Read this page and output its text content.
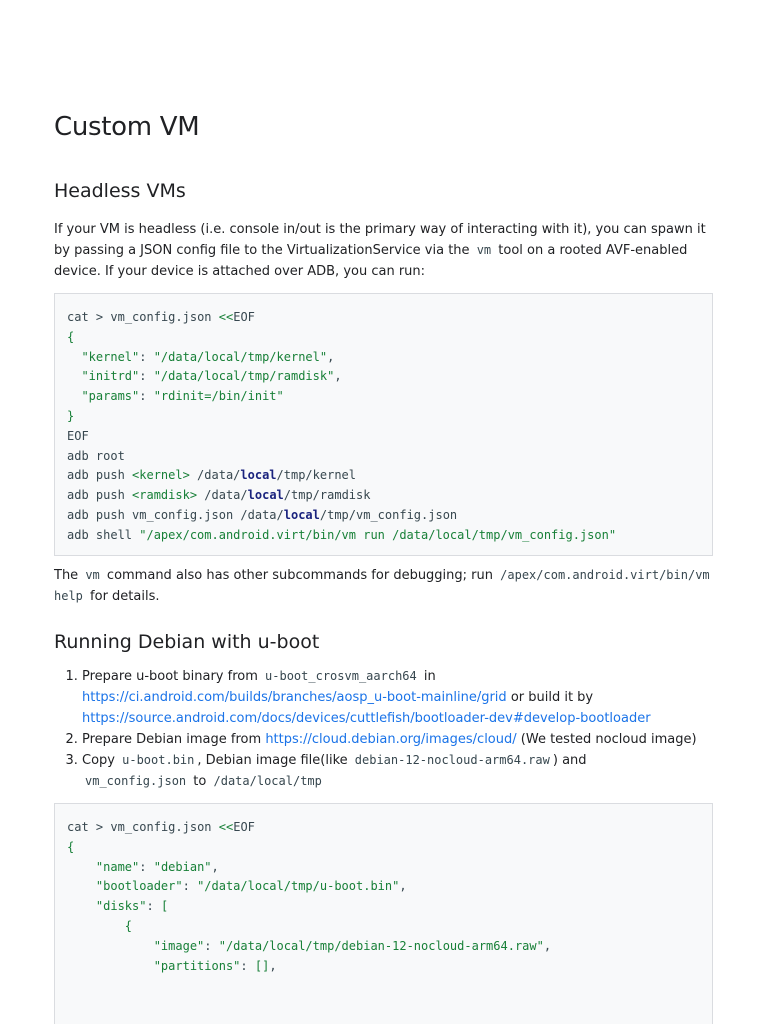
Custom VM
Headless VMs
If your VM is headless (i.e. console in/out is the primary way of interacting with it), you can spawn it by passing a JSON config file to the VirtualizationService via the vm tool on a rooted AVF-enabled device. If your device is attached over ADB, you can run:
cat > vm_config.json <<EOF
{
"kernel": "/data/local/tmp/kernel",
"initrd": "/data/local/tmp/ramdisk",
"params": "rdinit=/bin/init"
}
EOF
adb root
adb push <kernel> /data/local/tmp/kernel
adb push <ramdisk> /data/local/tmp/ramdisk
adb push vm_config.json /data/local/tmp/vm_config.json
adb shell "/apex/com.android.virt/bin/vm run /data/local/tmp/vm_config.json"
The vm command also has other subcommands for debugging; run /apex/com.android.virt/bin/vm help for details.
Running Debian with u-boot
1. Prepare u-boot binary from u-boot_crosvm_aarch64 in
https://ci.android.com/builds/branches/aosp_u-boot-mainline/grid or build it by
https://source.android.com/docs/devices/cuttlefish/bootloader-dev#develop-bootloader
2. Prepare Debian image from https://cloud.debian.org/images/cloud/ (We tested nocloud image)
3. Copy u-boot.bin , Debian image file(like debian-12-nocloud-arm64.raw ) and
vm_config.json to /data/local/tmp
cat > vm_config.json <<EOF
{
"name": "debian",
"bootloader": "/data/local/tmp/u-boot.bin",
"disks": [
{
"image": "/data/local/tmp/debian-12-nocloud-arm64.raw",
"partitions": [],
